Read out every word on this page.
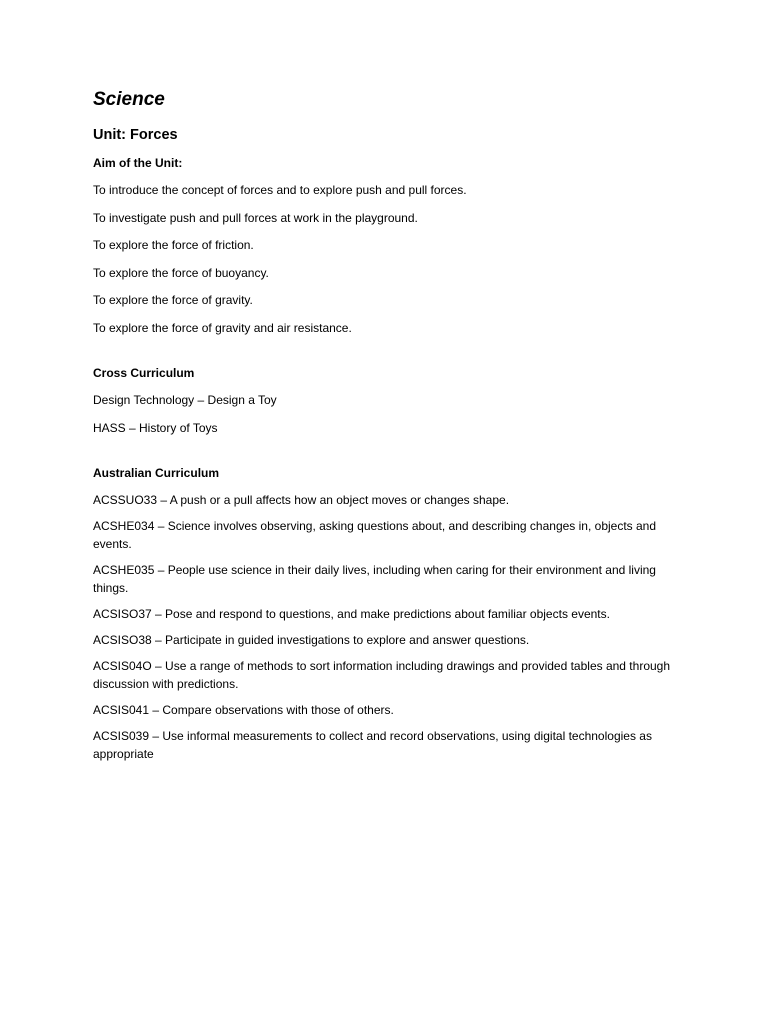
Science
Unit: Forces
Aim of the Unit:
To introduce the concept of forces and to explore push and pull forces.
To investigate push and pull forces at work in the playground.
To explore the force of friction.
To explore the force of buoyancy.
To explore the force of gravity.
To explore the force of gravity and air resistance.
Cross Curriculum
Design Technology – Design a Toy
HASS – History of Toys
Australian Curriculum
ACSSUO33 – A push or a pull affects how an object moves or changes shape.
ACSHE034 – Science involves observing, asking questions about, and describing changes in, objects and events.
ACSHE035 – People use science in their daily lives, including when caring for their environment and living things.
ACSISO37 – Pose and respond to questions, and make predictions about familiar objects events.
ACSISO38 – Participate in guided investigations to explore and answer questions.
ACSIS04O – Use a range of methods to sort information including drawings and provided tables and through discussion with predictions.
ACSIS041 – Compare observations with those of others.
ACSIS039 – Use informal measurements to collect and record observations, using digital technologies as appropriate
